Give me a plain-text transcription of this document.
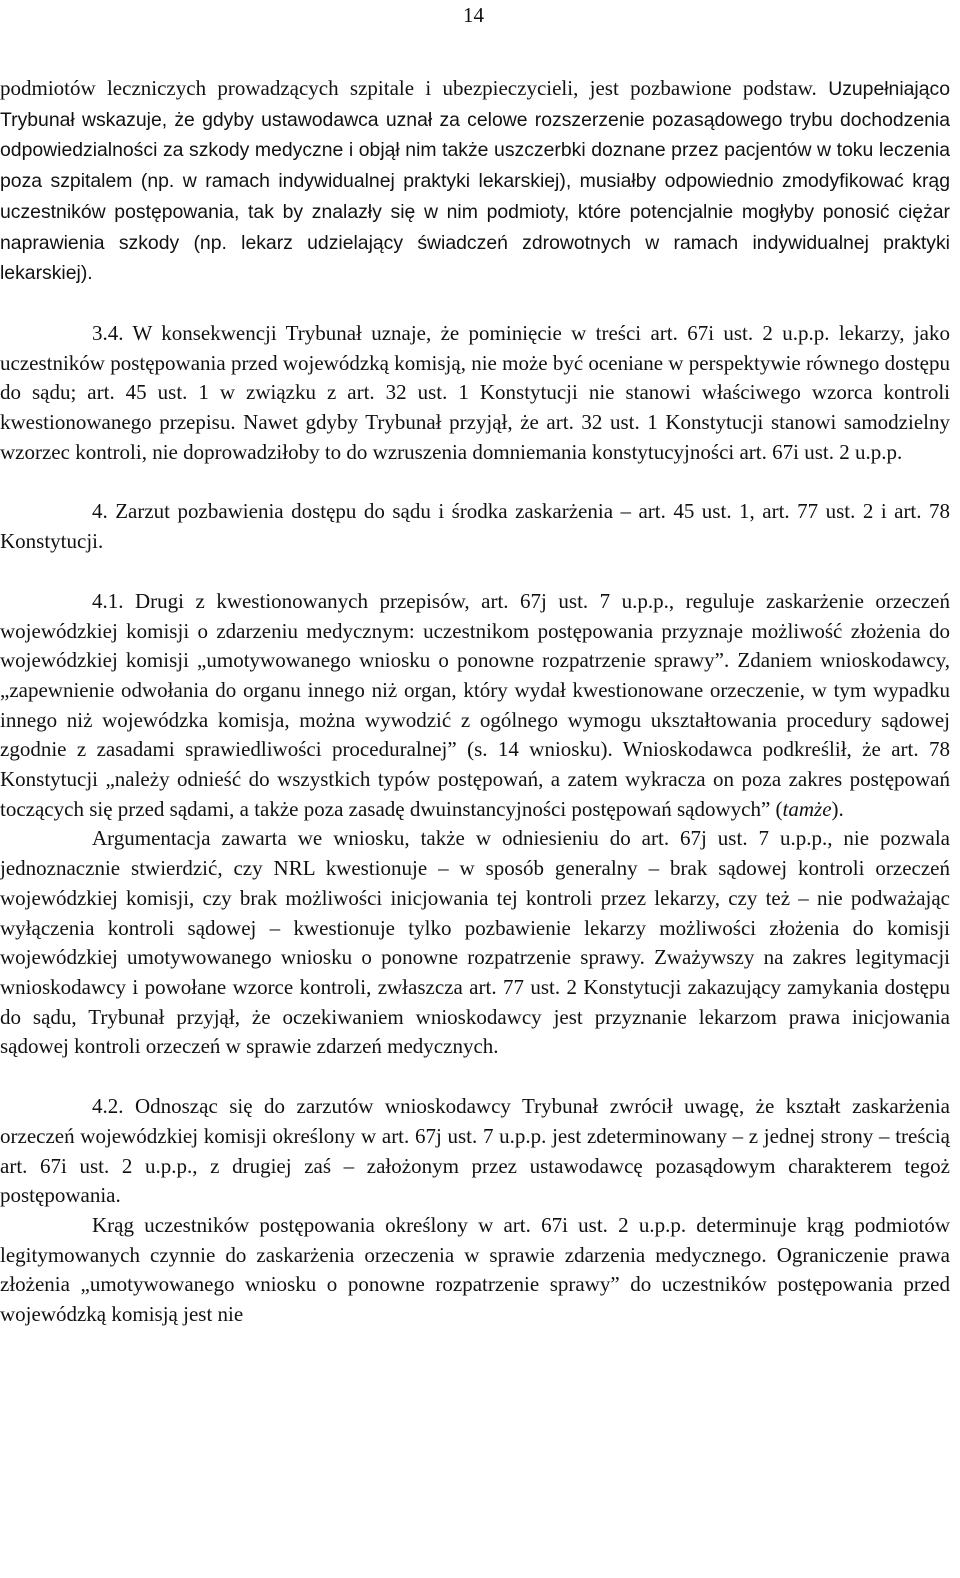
14

podmiotów leczniczych prowadzących szpitale i ubezpieczycieli, jest pozbawione podstaw. Uzupełniająco Trybunał wskazuje, że gdyby ustawodawca uznał za celowe rozszerzenie pozasądowego trybu dochodzenia odpowiedzialności za szkody medyczne i objął nim także uszczerbki doznane przez pacjentów w toku leczenia poza szpitalem (np. w ramach indywidualnej praktyki lekarskiej), musiałby odpowiednio zmodyfikować krąg uczestników postępowania, tak by znalazły się w nim podmioty, które potencjalnie mogłyby ponosić ciężar naprawienia szkody (np. lekarz udzielający świadczeń zdrowotnych w ramach indywidualnej praktyki lekarskiej).

3.4. W konsekwencji Trybunał uznaje, że pominięcie w treści art. 67i ust. 2 u.p.p. lekarzy, jako uczestników postępowania przed wojewódzką komisją, nie może być oceniane w perspektywie równego dostępu do sądu; art. 45 ust. 1 w związku z art. 32 ust. 1 Konstytucji nie stanowi właściwego wzorca kontroli kwestionowanego przepisu. Nawet gdyby Trybunał przyjął, że art. 32 ust. 1 Konstytucji stanowi samodzielny wzorzec kontroli, nie doprowadziłoby to do wzruszenia domniemania konstytucyjności art. 67i ust. 2 u.p.p.

4. Zarzut pozbawienia dostępu do sądu i środka zaskarżenia – art. 45 ust. 1, art. 77 ust. 2 i art. 78 Konstytucji.

4.1. Drugi z kwestionowanych przepisów, art. 67j ust. 7 u.p.p., reguluje zaskarżenie orzeczeń wojewódzkiej komisji o zdarzeniu medycznym: uczestnikom postępowania przyznaje możliwość złożenia do wojewódzkiej komisji „umotywowanego wniosku o ponowne rozpatrzenie sprawy”. Zdaniem wnioskodawcy, „zapewnienie odwołania do organu innego niż organ, który wydał kwestionowane orzeczenie, w tym wypadku innego niż wojewódzka komisja, można wywodzić z ogólnego wymogu ukształtowania procedury sądowej zgodnie z zasadami sprawiedliwości proceduralnej” (s. 14 wniosku). Wnioskodawca podkreślił, że art. 78 Konstytucji „należy odnieść do wszystkich typów postępowań, a zatem wykracza on poza zakres postępowań toczących się przed sądami, a także poza zasadę dwuinstancyjności postępowań sądowych” (tamże).

Argumentacja zawarta we wniosku, także w odniesieniu do art. 67j ust. 7 u.p.p., nie pozwala jednoznacznie stwierdzić, czy NRL kwestionuje – w sposób generalny – brak sądowej kontroli orzeczeń wojewódzkiej komisji, czy brak możliwości inicjowania tej kontroli przez lekarzy, czy też – nie podważając wyłączenia kontroli sądowej – kwestionuje tylko pozbawienie lekarzy możliwości złożenia do komisji wojewódzkiej umotywowanego wniosku o ponowne rozpatrzenie sprawy. Zważywszy na zakres legitymacji wnioskodawcy i powołane wzorce kontroli, zwłaszcza art. 77 ust. 2 Konstytucji zakazujący zamykania dostępu do sądu, Trybunał przyjął, że oczekiwaniem wnioskodawcy jest przyznanie lekarzom prawa inicjowania sądowej kontroli orzeczeń w sprawie zdarzeń medycznych.

4.2. Odnosząc się do zarzutów wnioskodawcy Trybunał zwrócił uwagę, że kształt zaskarżenia orzeczeń wojewódzkiej komisji określony w art. 67j ust. 7 u.p.p. jest zdeterminowany – z jednej strony – treścią art. 67i ust. 2 u.p.p., z drugiej zaś – założonym przez ustawodawcę pozasądowym charakterem tegoż postępowania.

Krąg uczestników postępowania określony w art. 67i ust. 2 u.p.p. determinuje krąg podmiotów legitymowanych czynnie do zaskarżenia orzeczenia w sprawie zdarzenia medycznego. Ograniczenie prawa złożenia „umotywowanego wniosku o ponowne rozpatrzenie sprawy” do uczestników postępowania przed wojewódzką komisją jest nie
